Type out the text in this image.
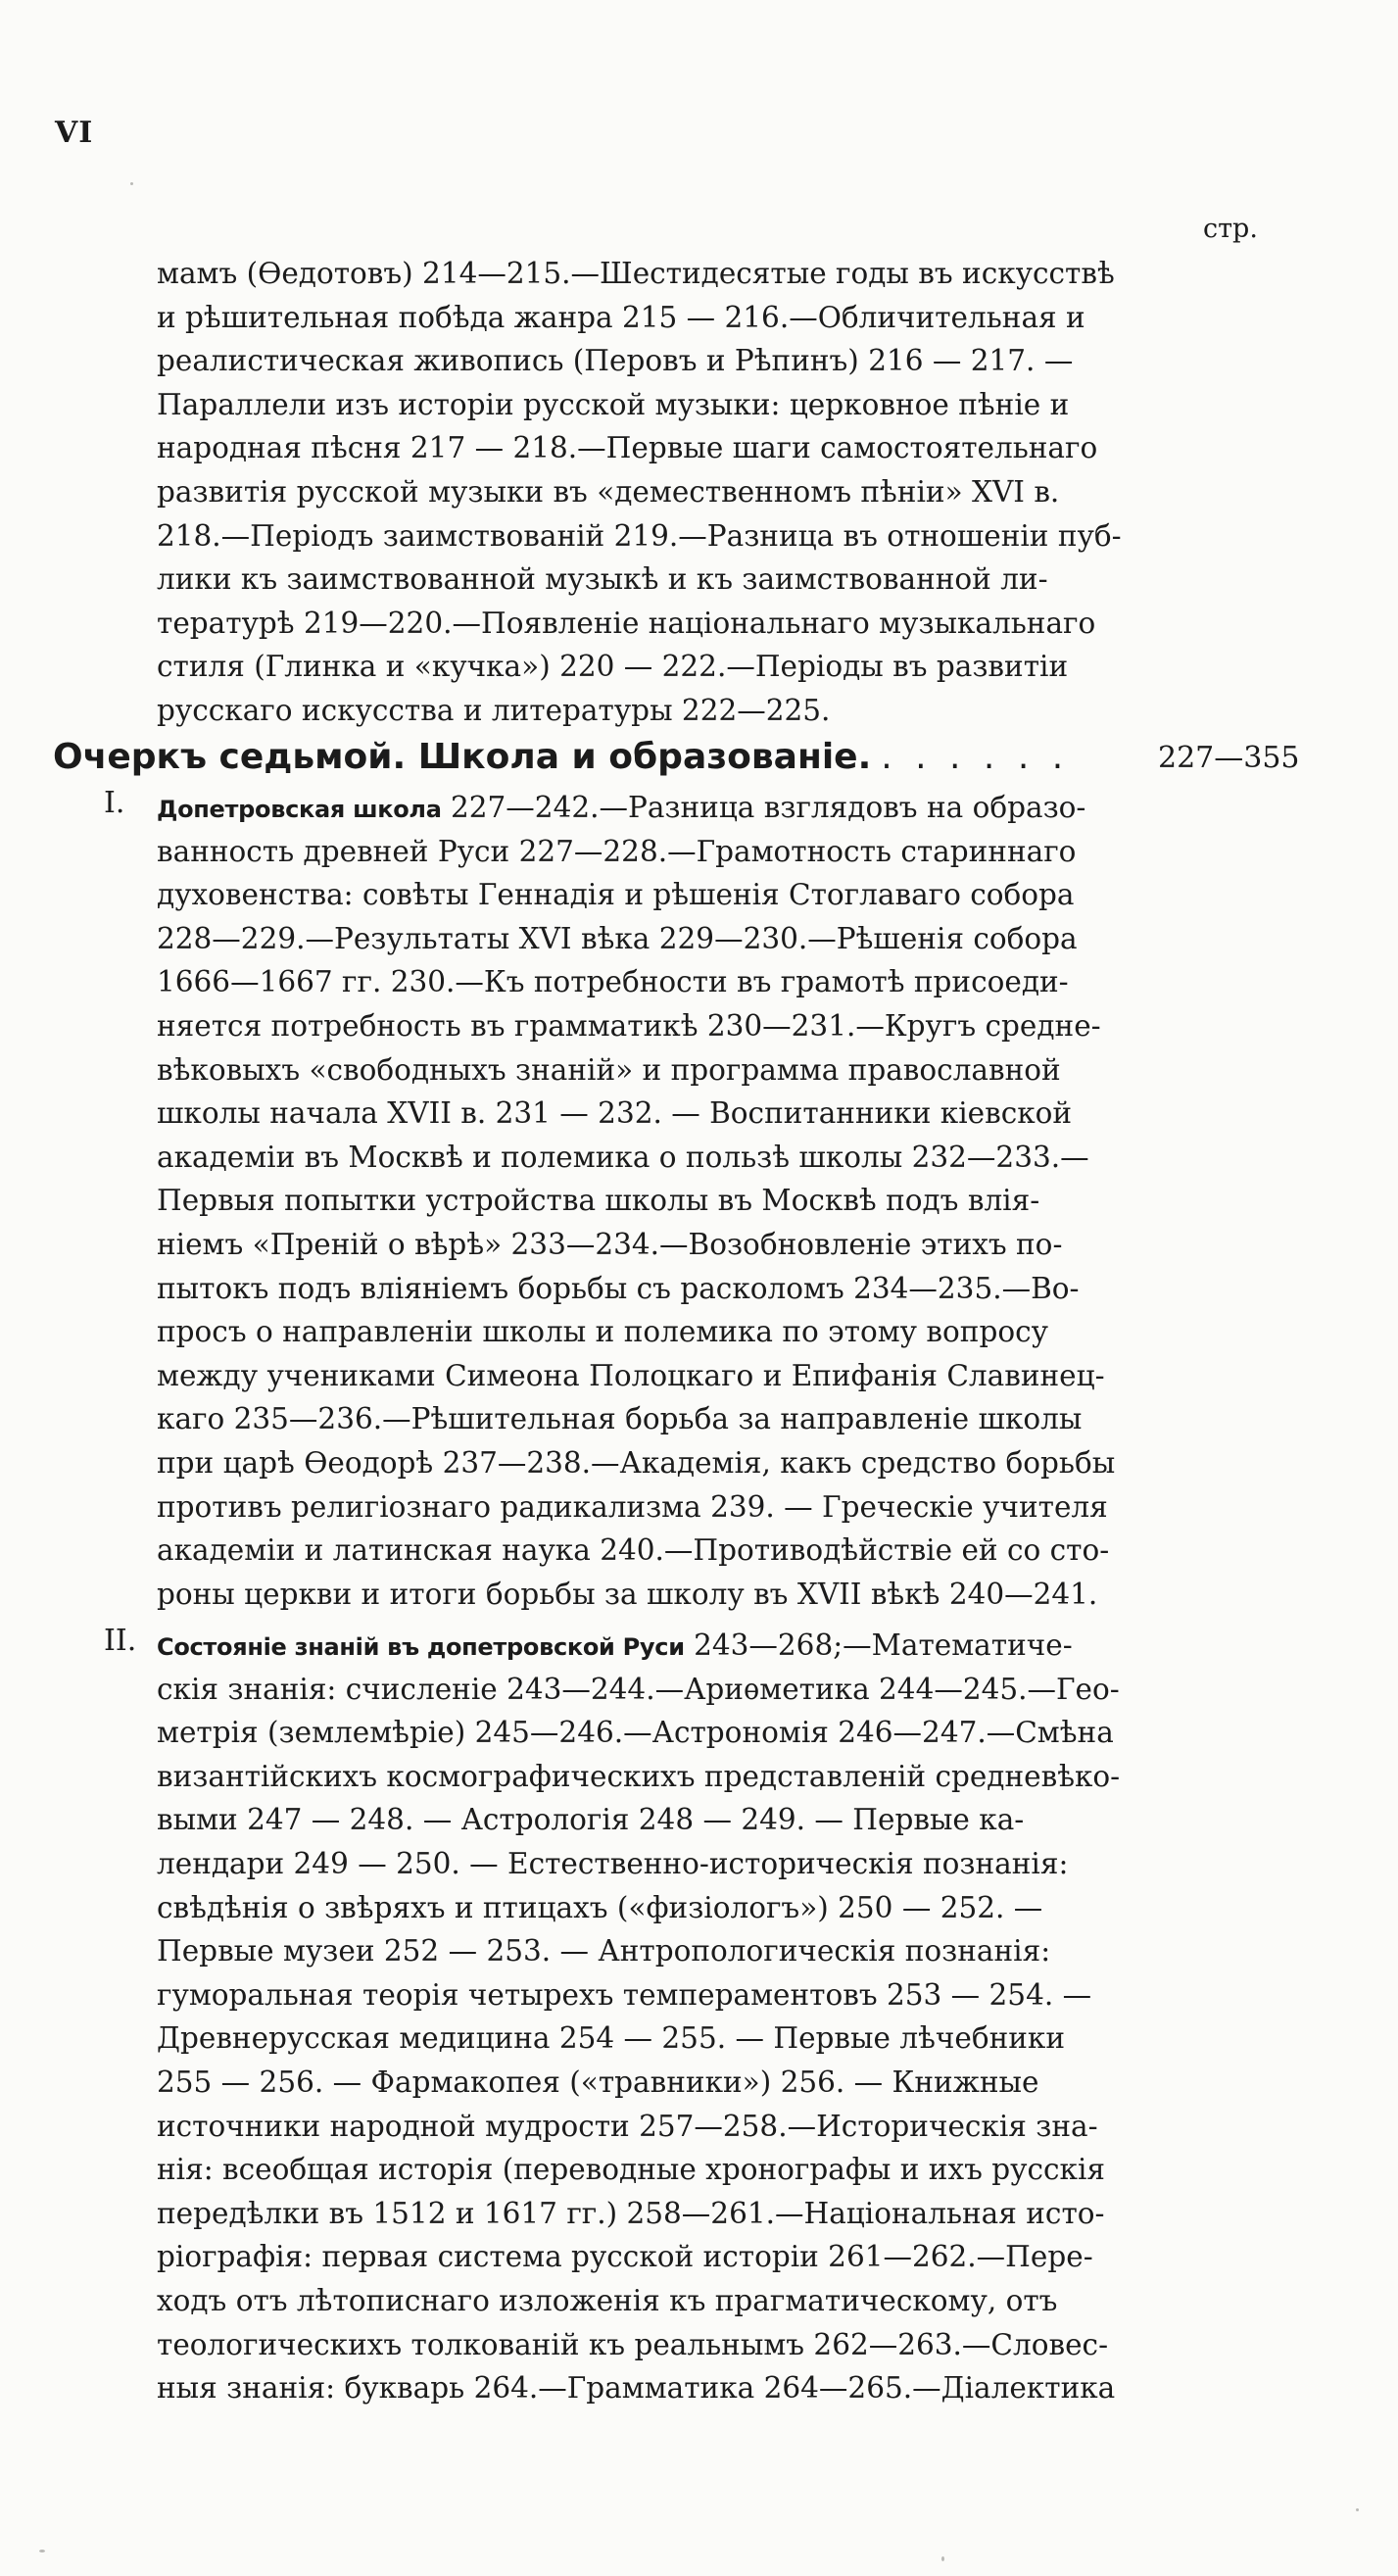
VI
стр.
мамъ (Ѳедотовъ) 214—215.—Шестидесятые годы въ искусствѣ
и рѣшительная побѣда жанра 215 — 216.—Обличительная и
реалистическая живопись (Перовъ и Рѣпинъ) 216 — 217. —
Параллели изъ исторіи русской музыки: церковное пѣніе и
народная пѣсня 217 — 218.—Первые шаги самостоятельнаго
развитія русской музыки въ «демественномъ пѣніи» XVI в.
218.—Періодъ заимствованій 219.—Разница въ отношеніи пуб-
лики къ заимствованной музыкѣ и къ заимствованной ли-
тературѣ 219—220.—Появленіе національнаго музыкальнаго
стиля (Глинка и «кучка») 220 — 222.—Періоды въ развитіи
русскаго искусства и литературы 222—225.
Очеркъ седьмой. Школа и образованіе. . . . . . .	227—355
I. Допетровская школа 227—242.—Разница взглядовъ на образо-
ванность древней Руси 227—228.—Грамотность стариннаго
духовенства: совѣты Геннадія и рѣшенія Стоглаваго собора
228—229.—Результаты XVI вѣка 229—230.—Рѣшенія собора
1666—1667 гг. 230.—Къ потребности въ грамотѣ присоеди-
няется потребность въ грамматикѣ 230—231.—Кругъ средне-
вѣковыхъ «свободныхъ знаній» и программа православной
школы начала XVII в. 231 — 232. — Воспитанники кіевской
академіи въ Москвѣ и полемика о пользѣ школы 232—233.—
Первыя попытки устройства школы въ Москвѣ подъ влія-
ніемъ «Преній о вѣрѣ» 233—234.—Возобновленіе этихъ по-
пытокъ подъ вліяніемъ борьбы съ расколомъ 234—235.—Во-
просъ о направленіи школы и полемика по этому вопросу
между учениками Симеона Полоцкаго и Епифанія Славинец-
каго 235—236.—Рѣшительная борьба за направленіе школы
при царѣ Ѳеодорѣ 237—238.—Академія, какъ средство борьбы
противъ религіознаго радикализма 239. — Греческіе учителя
академіи и латинская наука 240.—Противодѣйствіе ей со сто-
роны церкви и итоги борьбы за школу въ XVII вѣкѣ 240—241.
II. Состояніе знаній въ допетровской Руси 243—268;—Математиче-
скія знанія: счисленіе 243—244.—Ариѳметика 244—245.—Гео-
метрія (землемѣріе) 245—246.—Астрономія 246—247.—Смѣна
византійскихъ космографическихъ представленій средневѣко-
выми 247 — 248. — Астрологія 248 — 249. — Первые ка-
лендари 249 — 250. — Естественно-историческія познанія:
свѣдѣнія о звѣряхъ и птицахъ («физіологъ») 250 — 252. —
Первые музеи 252 — 253. — Антропологическія познанія:
гуморальная теорія четырехъ темпераментовъ 253 — 254. —
Древнерусская медицина 254 — 255. — Первые лѣчебники
255 — 256. — Фармакопея («травники») 256. — Книжные
источники народной мудрости 257—258.—Историческія зна-
нія: всеобщая исторія (переводные хронографы и ихъ русскія
передѣлки въ 1512 и 1617 гг.) 258—261.—Національная исто-
ріографія: первая система русской исторіи 261—262.—Пере-
ходъ отъ лѣтописнаго изложенія къ прагматическому, отъ
теологическихъ толкованій къ реальнымъ 262—263.—Словес-
ныя знанія: букварь 264.—Грамматика 264—265.—Діалектика
